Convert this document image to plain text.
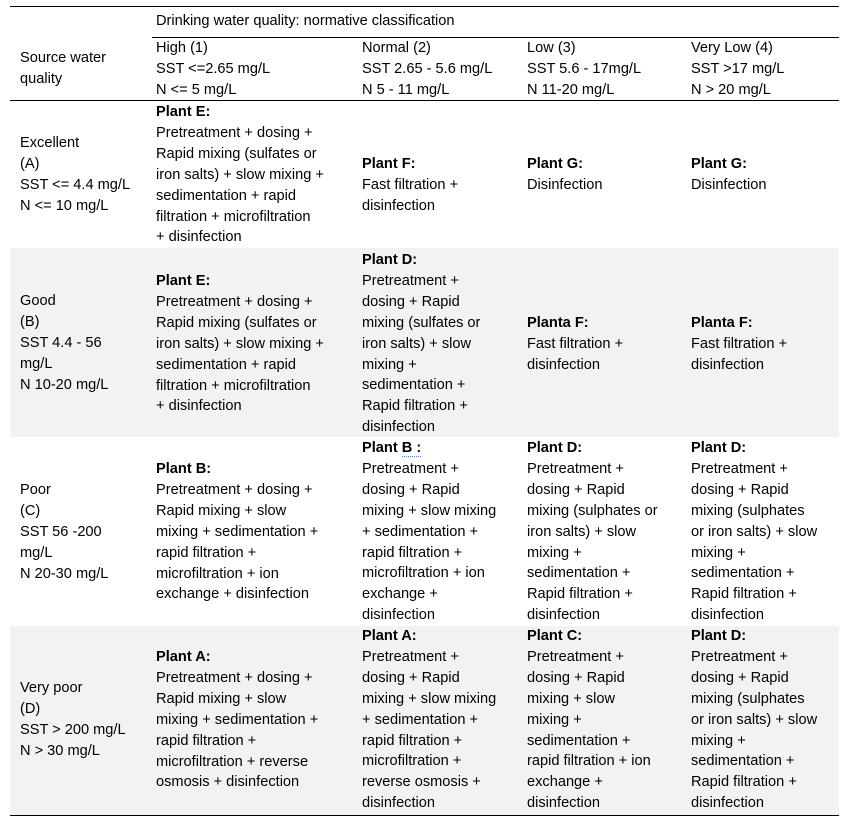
Drinking water quality: normative classification
Source water
quality
High (1)
SST <=2.65 mg/L
N <= 5 mg/L
Normal (2)
SST 2.65 - 5.6 mg/L
N 5 - 11 mg/L
Low (3)
SST 5.6 - 17mg/L
N 11-20 mg/L
Very Low (4)
SST >17 mg/L
N > 20 mg/L
Excellent
(A)
SST <= 4.4 mg/L
N <= 10 mg/L
Plant E:
Pretreatment + dosing +
Rapid mixing (sulfates or
iron salts) + slow mixing +
sedimentation + rapid
filtration + microfiltration
+ disinfection
Plant F:
Fast filtration +
disinfection
Plant G:
Disinfection
Plant G:
Disinfection
Good
(B)
SST 4.4 - 56
mg/L
N 10-20 mg/L
Plant E:
Pretreatment + dosing +
Rapid mixing (sulfates or
iron salts) + slow mixing +
sedimentation + rapid
filtration + microfiltration
+ disinfection
Plant D:
Pretreatment +
dosing + Rapid
mixing (sulfates or
iron salts) + slow
mixing +
sedimentation +
Rapid filtration +
disinfection
Planta F:
Fast filtration +
disinfection
Planta F:
Fast filtration +
disinfection
Poor
(C)
SST 56 -200
mg/L
N 20-30 mg/L
Plant B:
Pretreatment + dosing +
Rapid mixing + slow
mixing + sedimentation +
rapid filtration +
microfiltration + ion
exchange + disinfection
Plant B :
Pretreatment +
dosing + Rapid
mixing + slow mixing
+ sedimentation +
rapid filtration +
microfiltration + ion
exchange +
disinfection
Plant D:
Pretreatment +
dosing + Rapid
mixing (sulphates or
iron salts) + slow
mixing +
sedimentation +
Rapid filtration +
disinfection
Plant D:
Pretreatment +
dosing + Rapid
mixing (sulphates
or iron salts) + slow
mixing +
sedimentation +
Rapid filtration +
disinfection
Very poor
(D)
SST > 200 mg/L
N > 30 mg/L
Plant A:
Pretreatment + dosing +
Rapid mixing + slow
mixing + sedimentation +
rapid filtration +
microfiltration + reverse
osmosis + disinfection
Plant A:
Pretreatment +
dosing + Rapid
mixing + slow mixing
+ sedimentation +
rapid filtration +
microfiltration +
reverse osmosis +
disinfection
Plant C:
Pretreatment +
dosing + Rapid
mixing + slow
mixing +
sedimentation +
rapid filtration + ion
exchange +
disinfection
Plant D:
Pretreatment +
dosing + Rapid
mixing (sulphates
or iron salts) + slow
mixing +
sedimentation +
Rapid filtration +
disinfection
